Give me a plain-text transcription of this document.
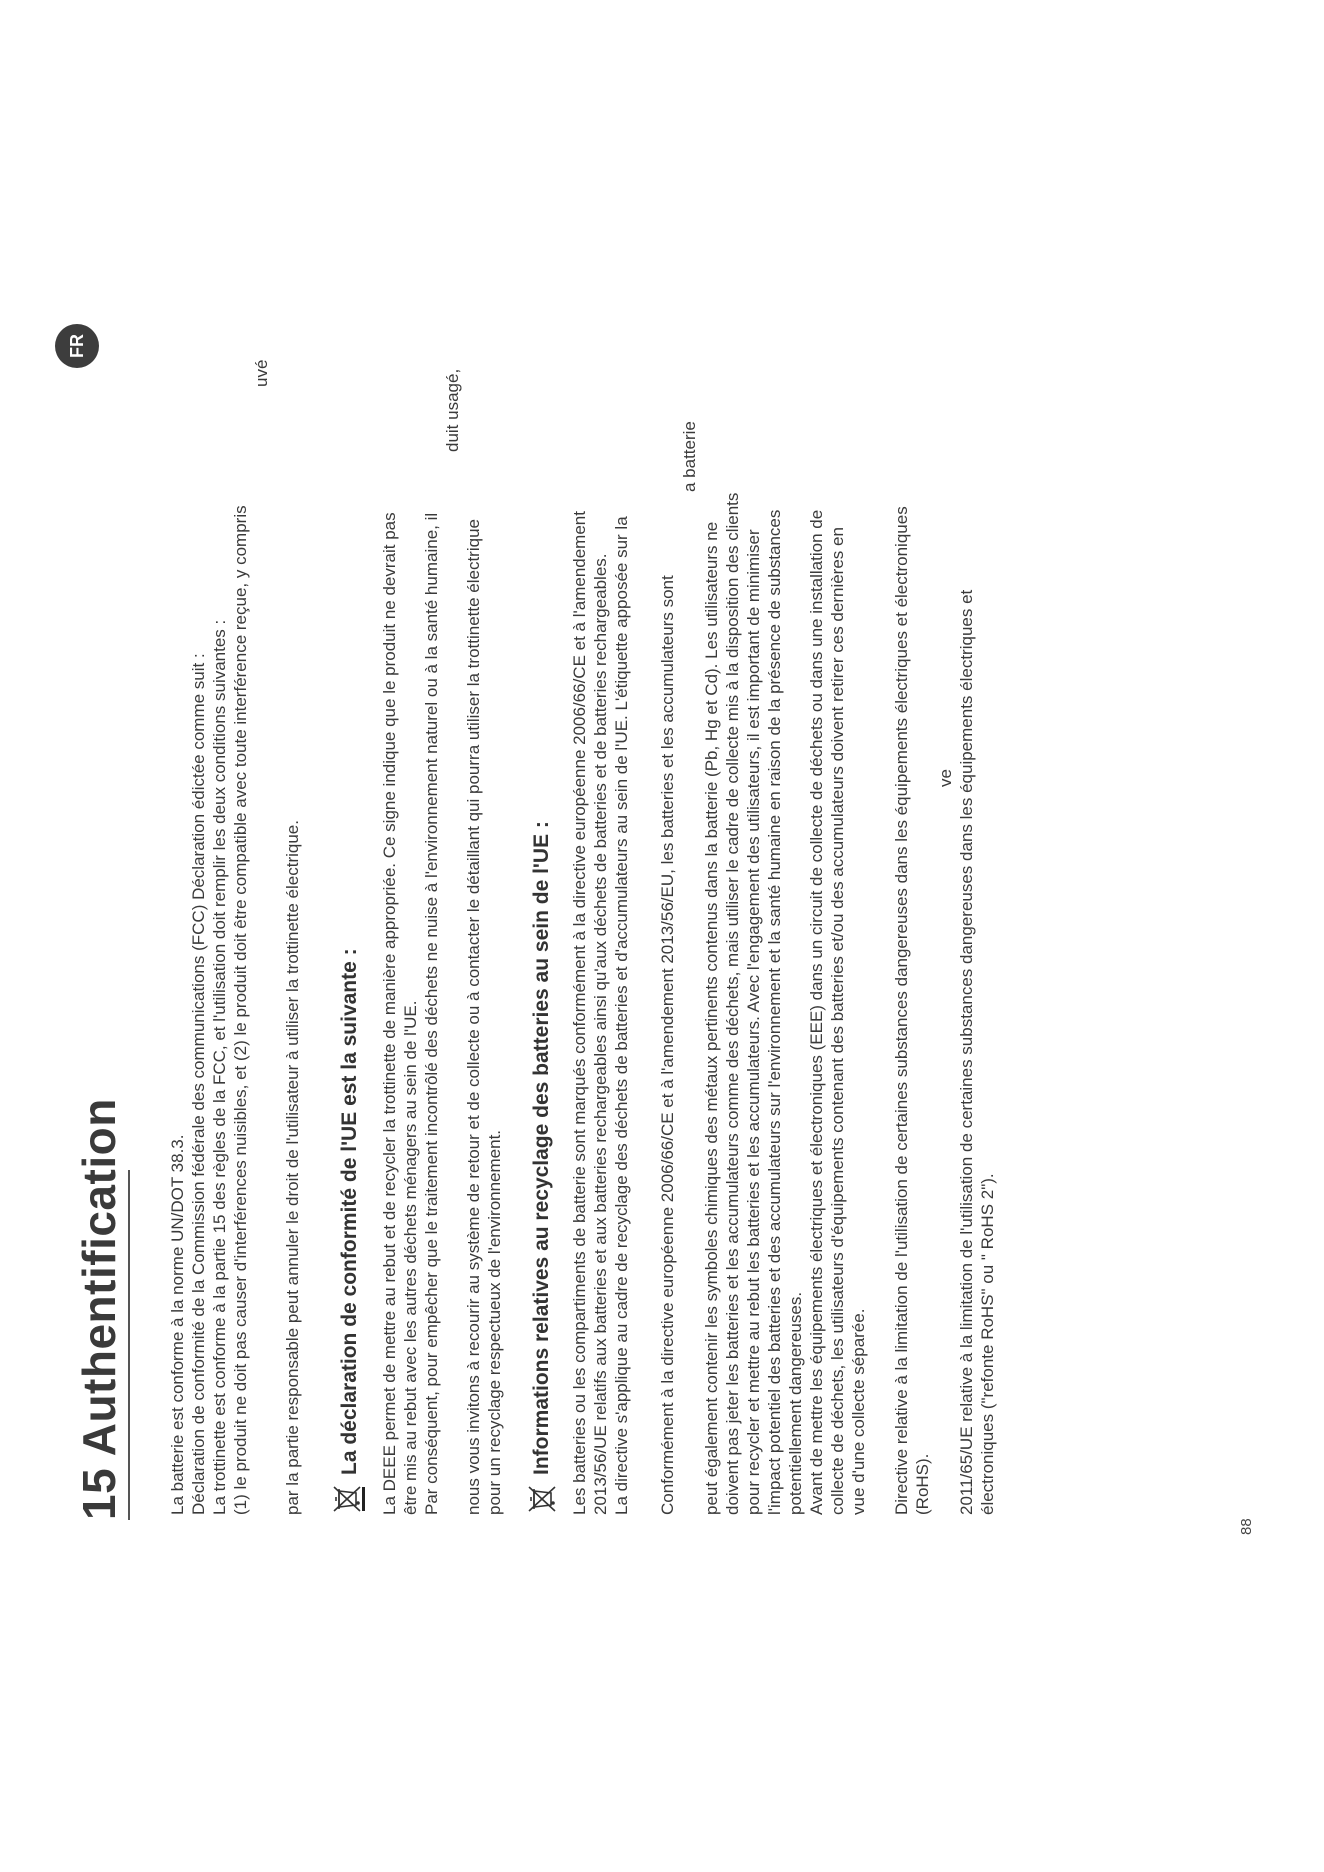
15 Authentification
FR
La batterie est conforme à la norme UN/DOT 38.3. Déclaration de conformité de la Commission fédérale des communications (FCC) Déclaration édictée comme suit : La trottinette est conforme à la partie 15 des règles de la FCC, et l'utilisation doit remplir les deux conditions suivantes : (1) le produit ne doit pas causer d'interférences nuisibles, et (2) le produit doit être compatible avec toute interférence reçue, y compris
uvé
par la partie responsable peut annuler le droit de l'utilisateur à utiliser la trottinette électrique. La déclaration de conformité de l'UE est la suivante : La DEEE permet de mettre au rebut et de recycler la trottinette de manière appropriée. Ce signe indique que le produit ne devrait pas être mis au rebut avec les autres déchets ménagers au sein de l'UE. Par conséquent, pour empêcher que le traitement incontrôlé des déchets ne nuise à l'environnement naturel ou à la santé humaine, il
duit usagé,
nous vous invitons à recourir au système de retour et de collecte ou à contacter le détaillant qui pourra utiliser la trottinette électrique pour un recyclage respectueux de l'environnement. Informations relatives au recyclage des batteries au sein de l'UE : Les batteries ou les compartiments de batterie sont marqués conformément à la directive européenne 2006/66/CE et à l'amendement 2013/56/UE relatifs aux batteries et aux batteries rechargeables ainsi qu'aux déchets de batteries et de batteries rechargeables. La directive s'applique au cadre de recyclage des déchets de batteries et d'accumulateurs au sein de l'UE. L'étiquette apposée sur la
a batterie
Conformément à la directive européenne 2006/66/CE et à l'amendement 2013/56/EU, les batteries et les accumulateurs sont peut également contenir les symboles chimiques des métaux pertinents contenus dans la batterie (Pb, Hg et Cd). Les utilisateurs ne doivent pas jeter les batteries et les accumulateurs comme des déchets, mais utiliser le cadre de collecte mis à la disposition des clients pour recycler et mettre au rebut les batteries et les accumulateurs. Avec l'engagement des utilisateurs, il est important de minimiser l'impact potentiel des batteries et des accumulateurs sur l'environnement et la santé humaine en raison de la présence de substances potentiellement dangereuses. Avant de mettre les équipements électriques et électroniques (EEE) dans un circuit de collecte de déchets ou dans une installation de collecte de déchets, les utilisateurs d'équipements contenant des batteries et/ou des accumulateurs doivent retirer ces dernières en vue d'une collecte séparée. Directive relative à la limitation de l'utilisation de certaines substances dangereuses dans les équipements électriques et électroniques (RoHS).
ve 2011/65/UE relative à la limitation de l'utilisation de certaines substances dangereuses dans les équipements électriques et électroniques ("refonte RoHS" ou " RoHS 2").
88
